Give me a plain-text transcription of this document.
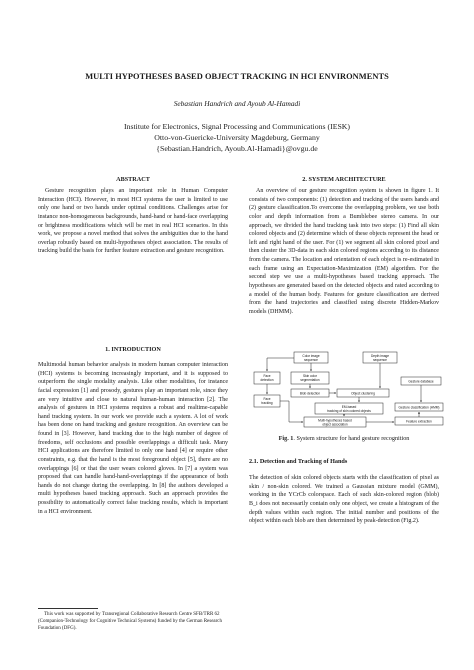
MULTI HYPOTHESES BASED OBJECT TRACKING IN HCI ENVIRONMENTS
Sebastian Handrich and Ayoub Al-Hamadi
Institute for Electronics, Signal Processing and Communications (IESK)
Otto-von-Guericke-University Magdeburg, Germany
{Sebastian.Handrich, Ayoub.Al-Hamadi}@ovgu.de
ABSTRACT

Gesture recognition plays an important role in Human Computer Interaction (HCI). However, in most HCI systems the user is limited to use only one hand or two hands under optimal conditions. Challenges arise for instance non-homogeneous backgrounds, hand-hand or hand-face overlapping or brightness modifications which will be met in real HCI scenarios. In this work, we propose a novel method that solves the ambiguities due to the hand overlap robustly based on multi-hypotheses object association. The results of tracking build the basis for further feature extraction and gesture recognition.

1. INTRODUCTION

Multimodal human behavior analysis in modern human computer interaction (HCI) systems is becoming increasingly important, and it is supposed to outperform the single modality analysis. Like other modalities, for instance facial expression [1] and prosody, gestures play an important role, since they are very intuitive and close to natural human-human interaction [2]. The analysis of gestures in HCI systems requires a robust and realtime-capable hand tracking system. In our work we provide such a system. A lot of work has been done on hand tracking and gesture recognition. An overview can be found in [3]. However, hand tracking due to the high number of degree of freedoms, self occlusions and possible overlappings a difficult task. Many HCI applications are therefore limited to only one hand [4] or require other constraints, e.g. that the hand is the most foreground object [5], there are no overlappings [6] or that the user wears colored gloves. In [7] a system was proposed that can handle hand-hand-overlappings if the appearance of both hands do not change during the overlapping. In [8] the authors developed a multi hypotheses based tracking approach. Such an approach provides the possibility to automatically correct false tracking results, which is important in a HCI environment.

This work was supported by Transregional Collaborative Research Centre SFB/TRR 62 (Companion-Technology for Cognitive Technical Systems) funded by the German Research Foundation (DFG).

2. SYSTEM ARCHITECTURE

An overview of our gesture recognition system is shown in figure 1. It consists of two components: (1) detection and tracking of the users hands and (2) gesture classification.To overcome the overlapping problem, we use both color and depth information from a Bumblebee stereo camera. In our approach, we divided the hand tracking task into two steps: (1) Find all skin colored objects and (2) determine which of these objects represent the head or left and right hand of the user. For (1) we segment all skin colored pixel and then cluster the 3D-data in each skin colored regions according to its distance from the camera. The location and orientation of each object is re-estimated in each frame using an Expectation-Maximization (EM) algorithm. For the second step we use a multi-hypotheses based tracking approach. The hypotheses are generated based on the detected objects and rated according to a model of the human body. Features for gesture classification are derived from the hand trajectories and classified using discrete Hidden-Markov models (DHMM).

Color image
sequence
Depth image
sequence
Face
detection
Skin color
segmentation
Blob detection	Object clustering
Face
tracking
EM-based
tracking of skin colored objects
Multi-hypotheses based
object association
Gesture database
Gesture classification (HMM)
Feature extraction
Fig. 1. System structure for hand gesture recognition
2.1. Detection and Tracking of Hands

The detection of skin colored objects starts with the classification of pixel as skin / non-skin colored. We trained a Gaussian mixture model (GMM), working in the YCrCb colorspace. Each of such skin-colored region (blob) B_i does not necessarily contain only one object, we create a histogram of the depth values within each region. The initial number and positions of the object within each blob are then determined by peak-detection (Fig.2).
